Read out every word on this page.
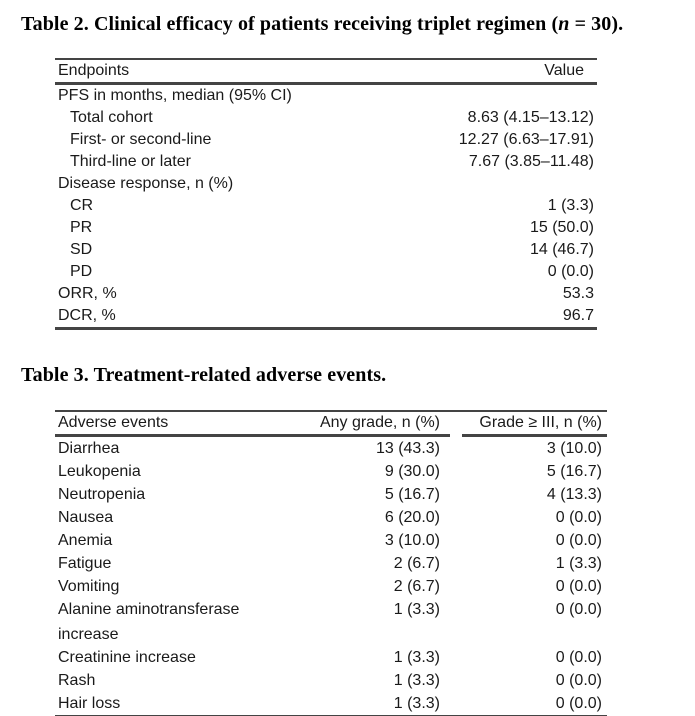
Table 2. Clinical efficacy of patients receiving triplet regimen (n = 30).
Endpoints	Value
PFS in months, median (95% CI)	
Total cohort	8.63 (4.15–13.12)
First- or second-line	12.27 (6.63–17.91)
Third-line or later	7.67 (3.85–11.48)
Disease response, n (%)	
CR	1 (3.3)
PR	15 (50.0)
SD	14 (46.7)
PD	0 (0.0)
ORR, %	53.3
DCR, %	96.7
Table 3. Treatment-related adverse events.
Adverse events	Any grade, n (%)	Grade ≥ III, n (%)

Diarrhea	13 (43.3)	3 (10.0)

Leukopenia	9 (30.0)	5 (16.7)

Neutropenia	5 (16.7)	4 (13.3)

Nausea	6 (20.0)	0 (0.0)

Anemia	3 (10.0)	0 (0.0)

Fatigue	2 (6.7)	1 (3.3)

Vomiting	2 (6.7)	0 (0.0)

Alanine aminotransferase
increase	1 (3.3)	0 (0.0)

Creatinine increase	1 (3.3)	0 (0.0)

Rash	1 (3.3)	0 (0.0)

Hair loss	1 (3.3)	0 (0.0)
